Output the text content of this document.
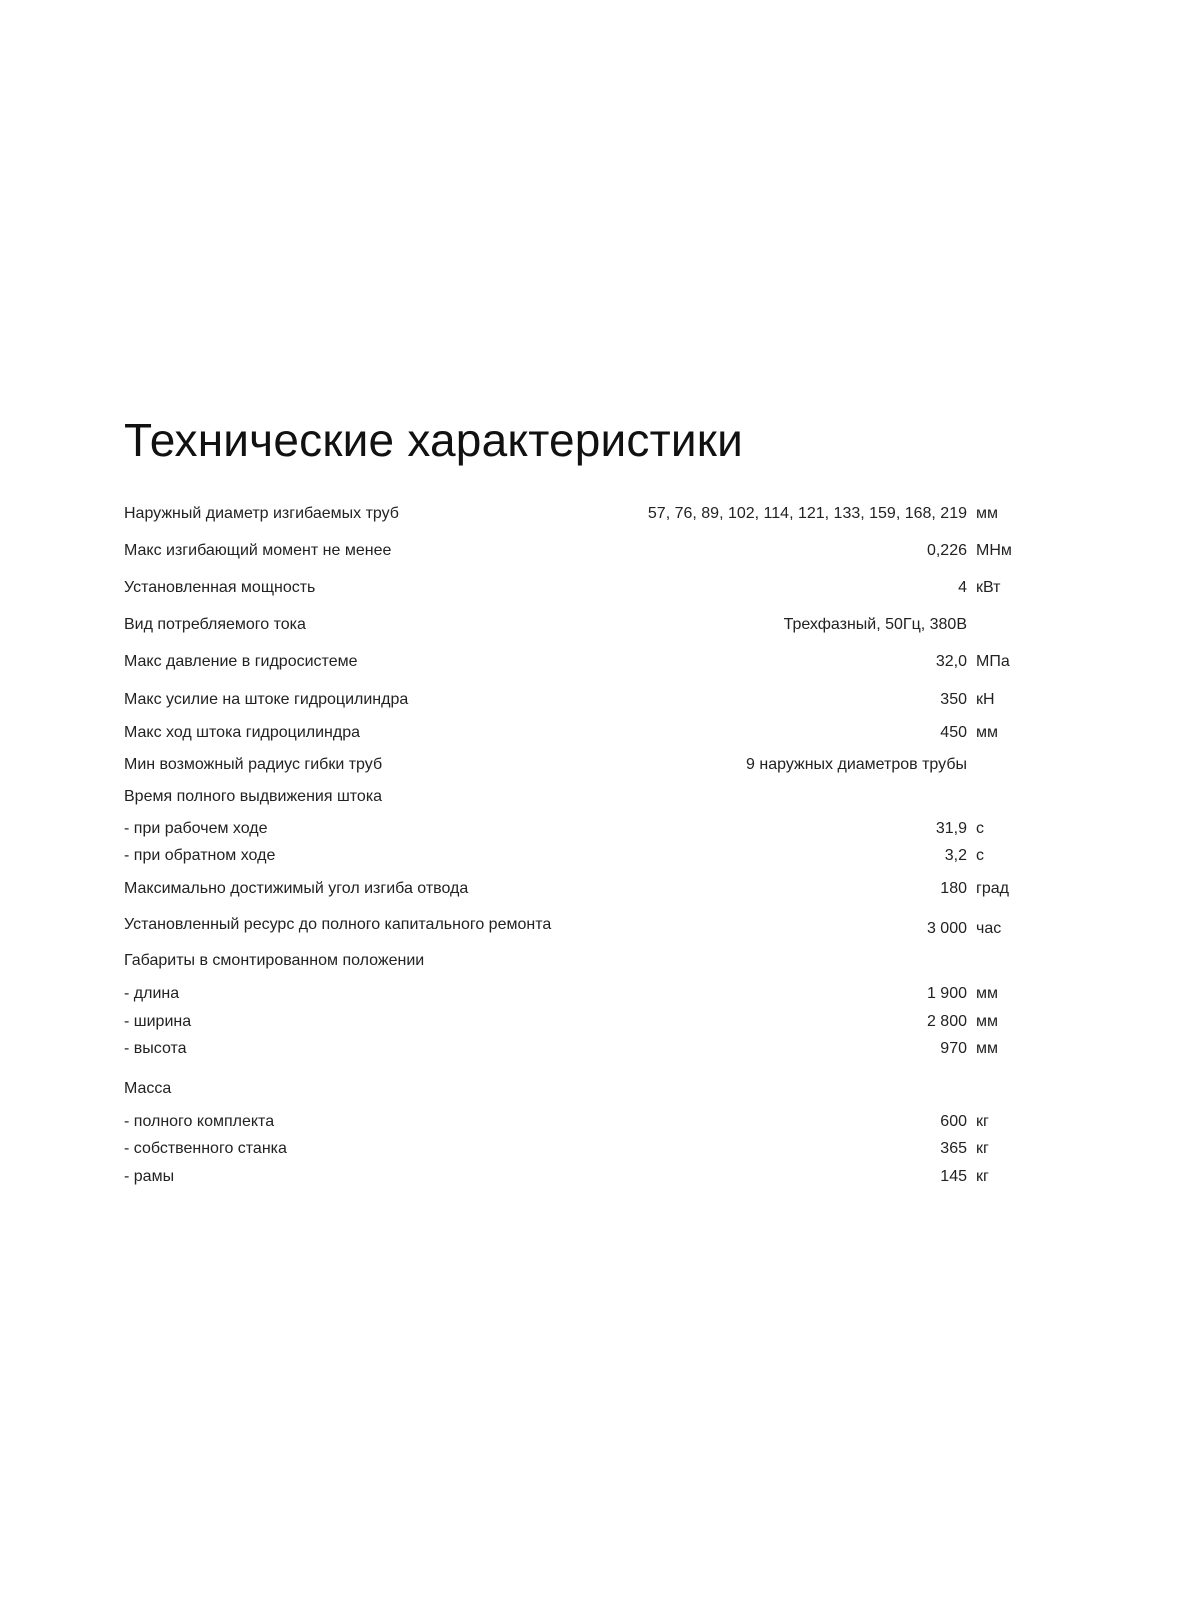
Технические характеристики
Наружный диаметр изгибаемых труб	57, 76, 89, 102, 114, 121, 133, 159, 168, 219 мм
Макс изгибающий момент не менее	0,226 МНм
Установленная мощность	4 кВт
Вид потребляемого тока	Трехфазный, 50Гц, 380В
Макс давление в гидросистеме	32,0 МПа
Макс усилие на штоке гидроцилиндра	350 кН
Макс ход штока гидроцилиндра	450 мм
Мин возможный радиус гибки труб	9 наружных диаметров трубы
Время полного выдвижения штока
- при рабочем ходе	31,9 с
- при обратном ходе	3,2 с
Максимально достижимый угол изгиба отвода	180 град
Установленный ресурс до полного капитального ремонта	3 000 час
Габариты в смонтированном положении
- длина	1 900 мм
- ширина	2 800 мм
- высота	970 мм
Масса
- полного комплекта	600 кг
- собственного станка	365 кг
- рамы	145 кг
